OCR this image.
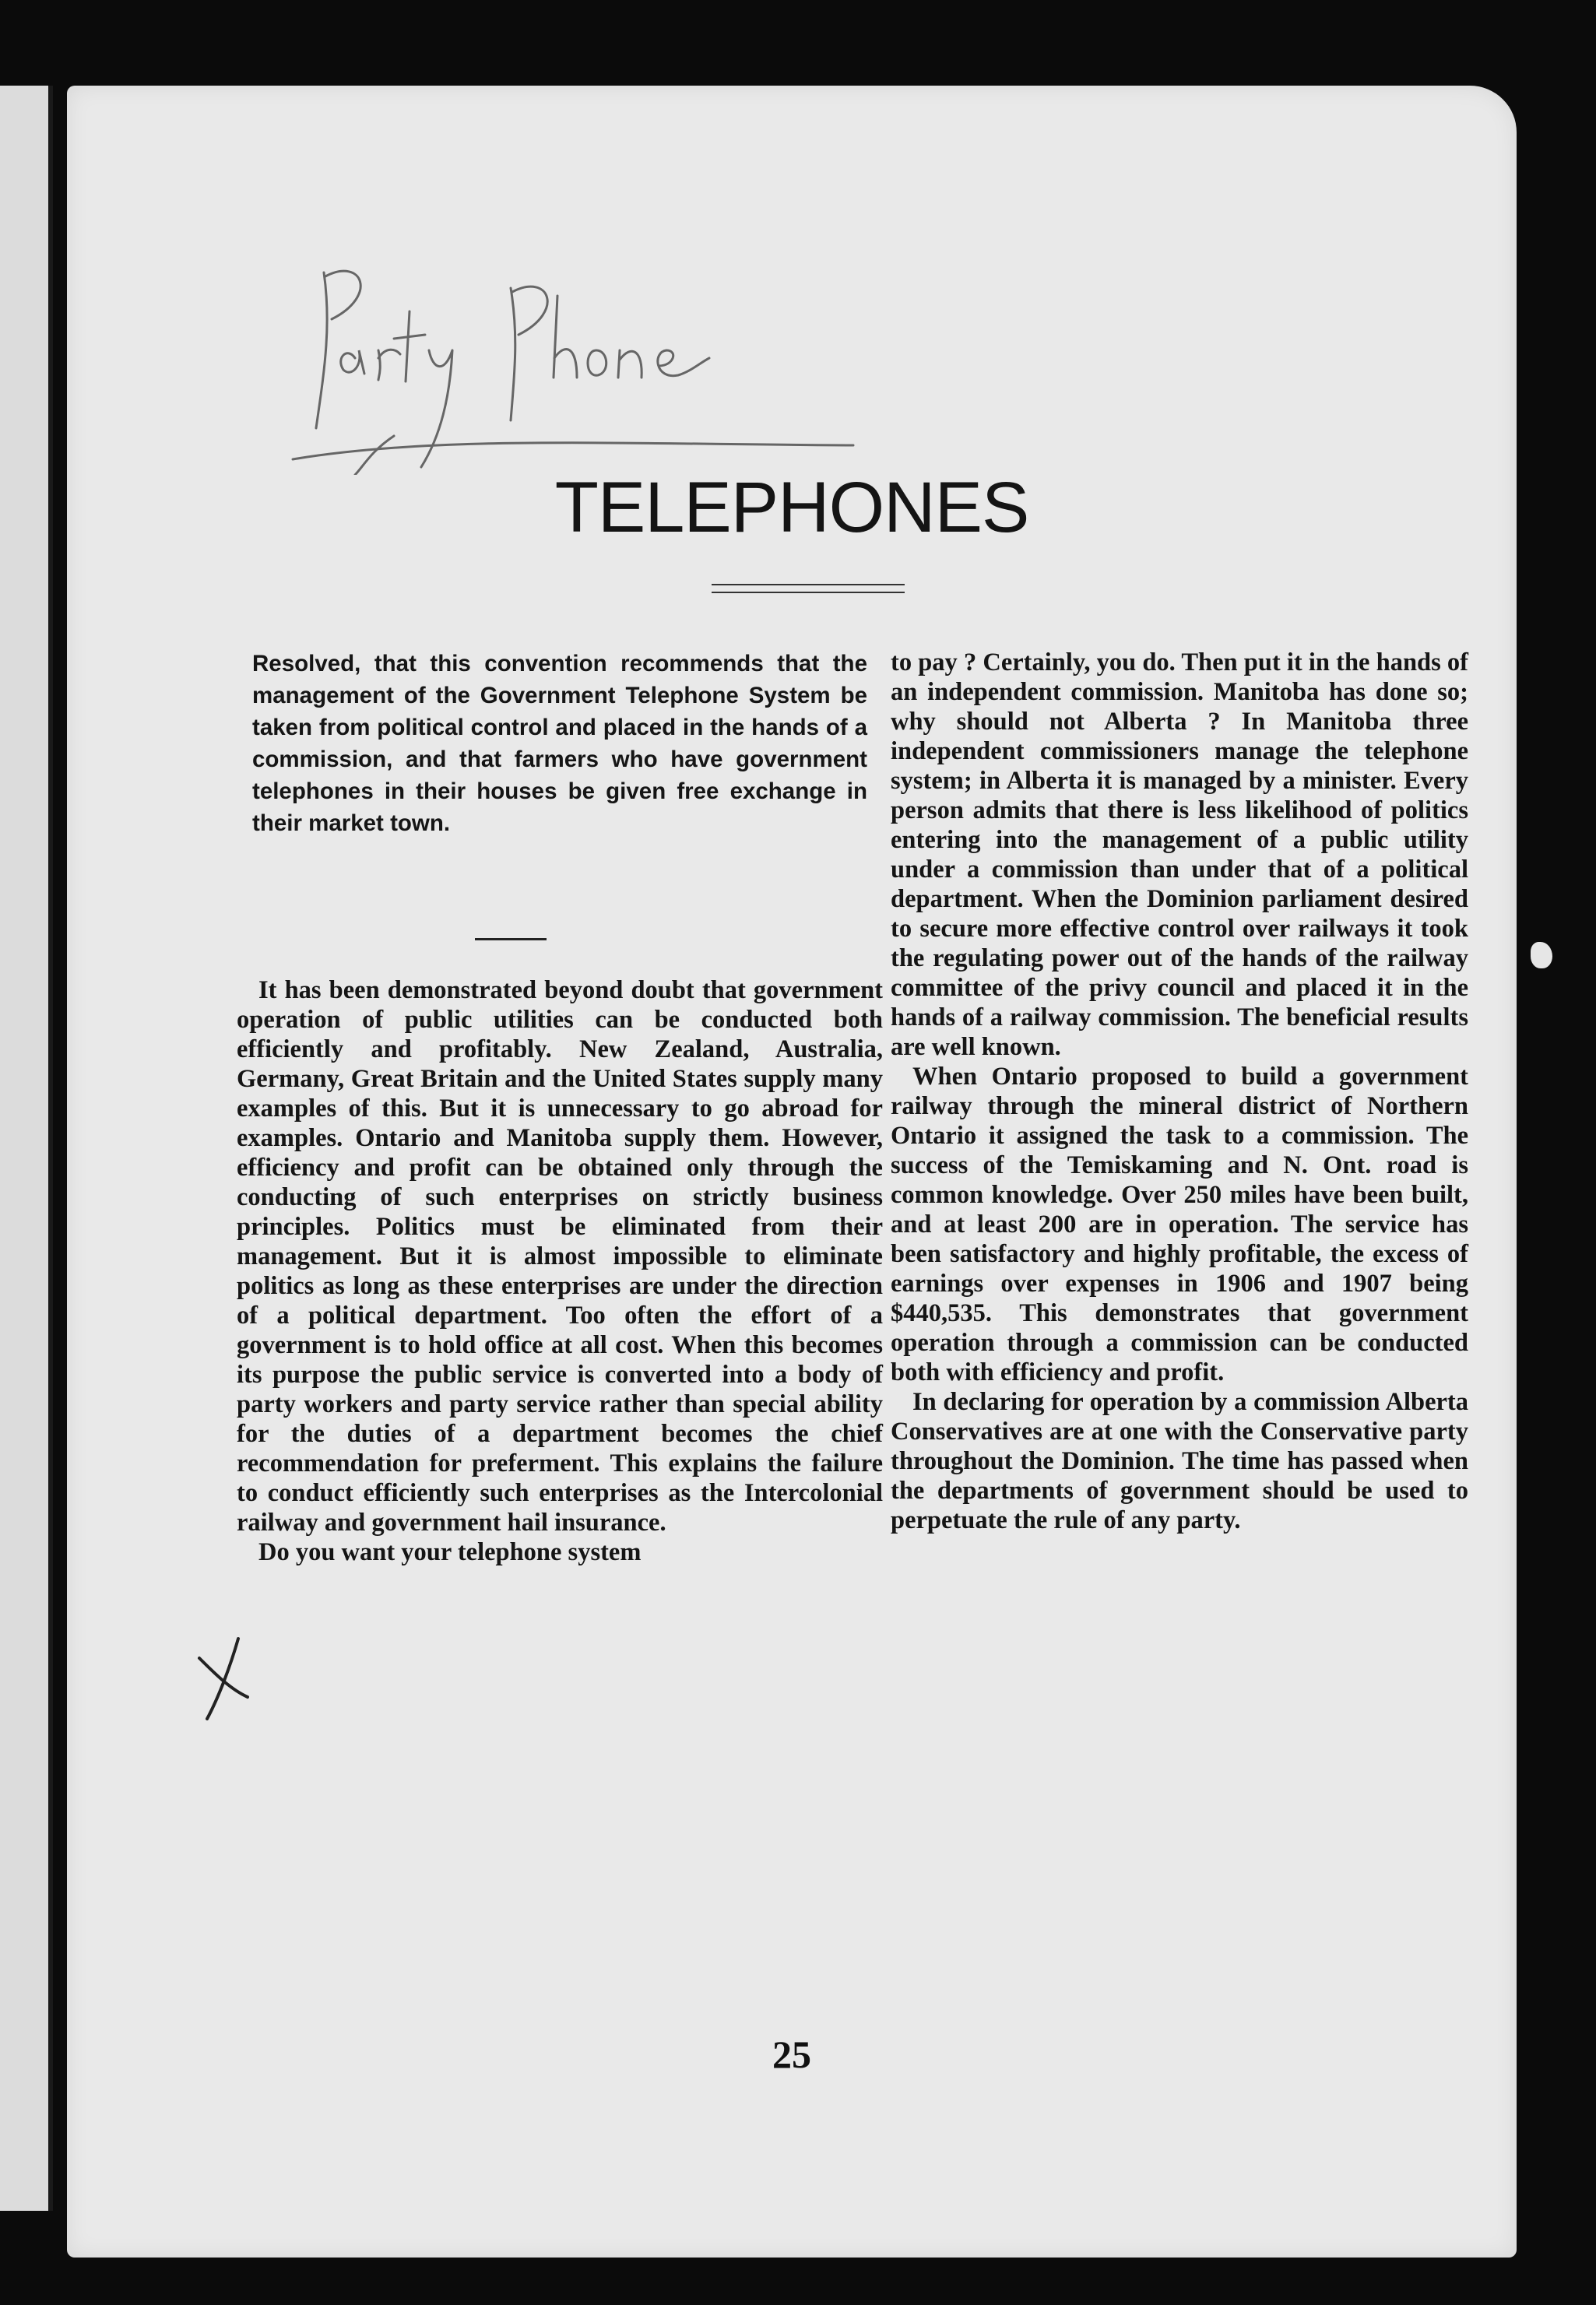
TELEPHONES

Resolved, that this convention recommends that the management of the Government Telephone System be taken from political control and placed in the hands of a commission, and that farmers who have government telephones in their houses be given free exchange in their market town.

It has been demonstrated beyond doubt that government operation of public utilities can be conducted both efficiently and profitably. New Zealand, Australia, Germany, Great Britain and the United States supply many examples of this. But it is unnecessary to go abroad for examples. Ontario and Manitoba supply them. However, efficiency and profit can be obtained only through the conducting of such enterprises on strictly business principles. Politics must be eliminated from their management. But it is almost impossible to eliminate politics as long as these enterprises are under the direction of a political department. Too often the effort of a government is to hold office at all cost. When this becomes its purpose the public service is converted into a body of party workers and party service rather than special ability for the duties of a department becomes the chief recommendation for preferment. This explains the failure to conduct efficiently such enterprises as the Intercolonial railway and government hail insurance.

Do you want your telephone system

to pay ? Certainly, you do. Then put it in the hands of an independent commission. Manitoba has done so; why should not Alberta ? In Manitoba three independent commissioners manage the telephone system; in Alberta it is managed by a minister. Every person admits that there is less likelihood of politics entering into the management of a public utility under a commission than under that of a political department. When the Dominion parliament desired to secure more effective control over railways it took the regulating power out of the hands of the railway committee of the privy council and placed it in the hands of a railway commission. The beneficial results are well known.

When Ontario proposed to build a government railway through the mineral district of Northern Ontario it assigned the task to a commission. The success of the Temiskaming and N. Ont. road is common knowledge. Over 250 miles have been built, and at least 200 are in operation. The service has been satisfactory and highly profitable, the excess of earnings over expenses in 1906 and 1907 being $440,535. This demonstrates that government operation through a commission can be conducted both with efficiency and profit.

In declaring for operation by a commission Alberta Conservatives are at one with the Conservative party throughout the Dominion. The time has passed when the departments of government should be used to perpetuate the rule of any party.

25
